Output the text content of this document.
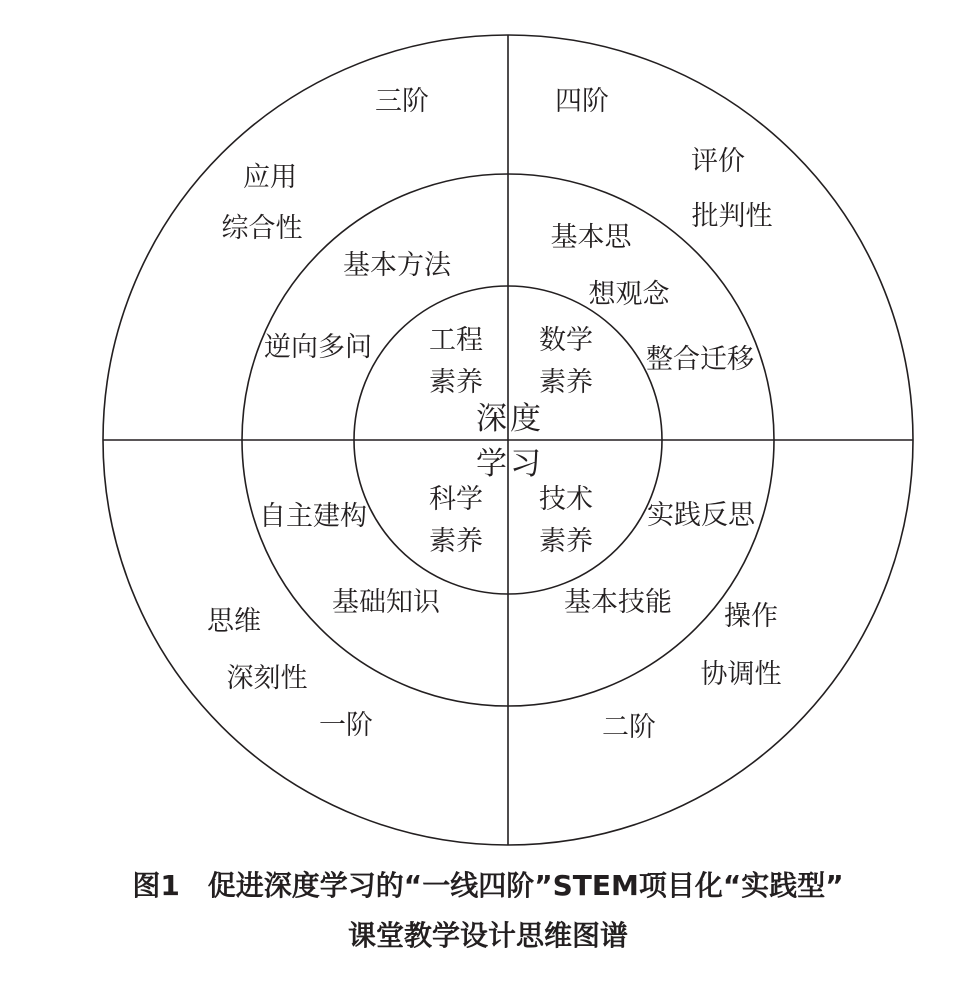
深度
学习
工程
素养
数学
素养
科学
素养
技术
素养
基本方法
逆向多问
基本思
想观念
整合迁移
自主建构
基础知识
实践反思
基本技能
三阶
应用
综合性
四阶
评价
批判性
思维
深刻性
一阶
操作
协调性
二阶
图1 促进深度学习的“一线四阶”STEM项目化“实践型”
课堂教学设计思维图谱
